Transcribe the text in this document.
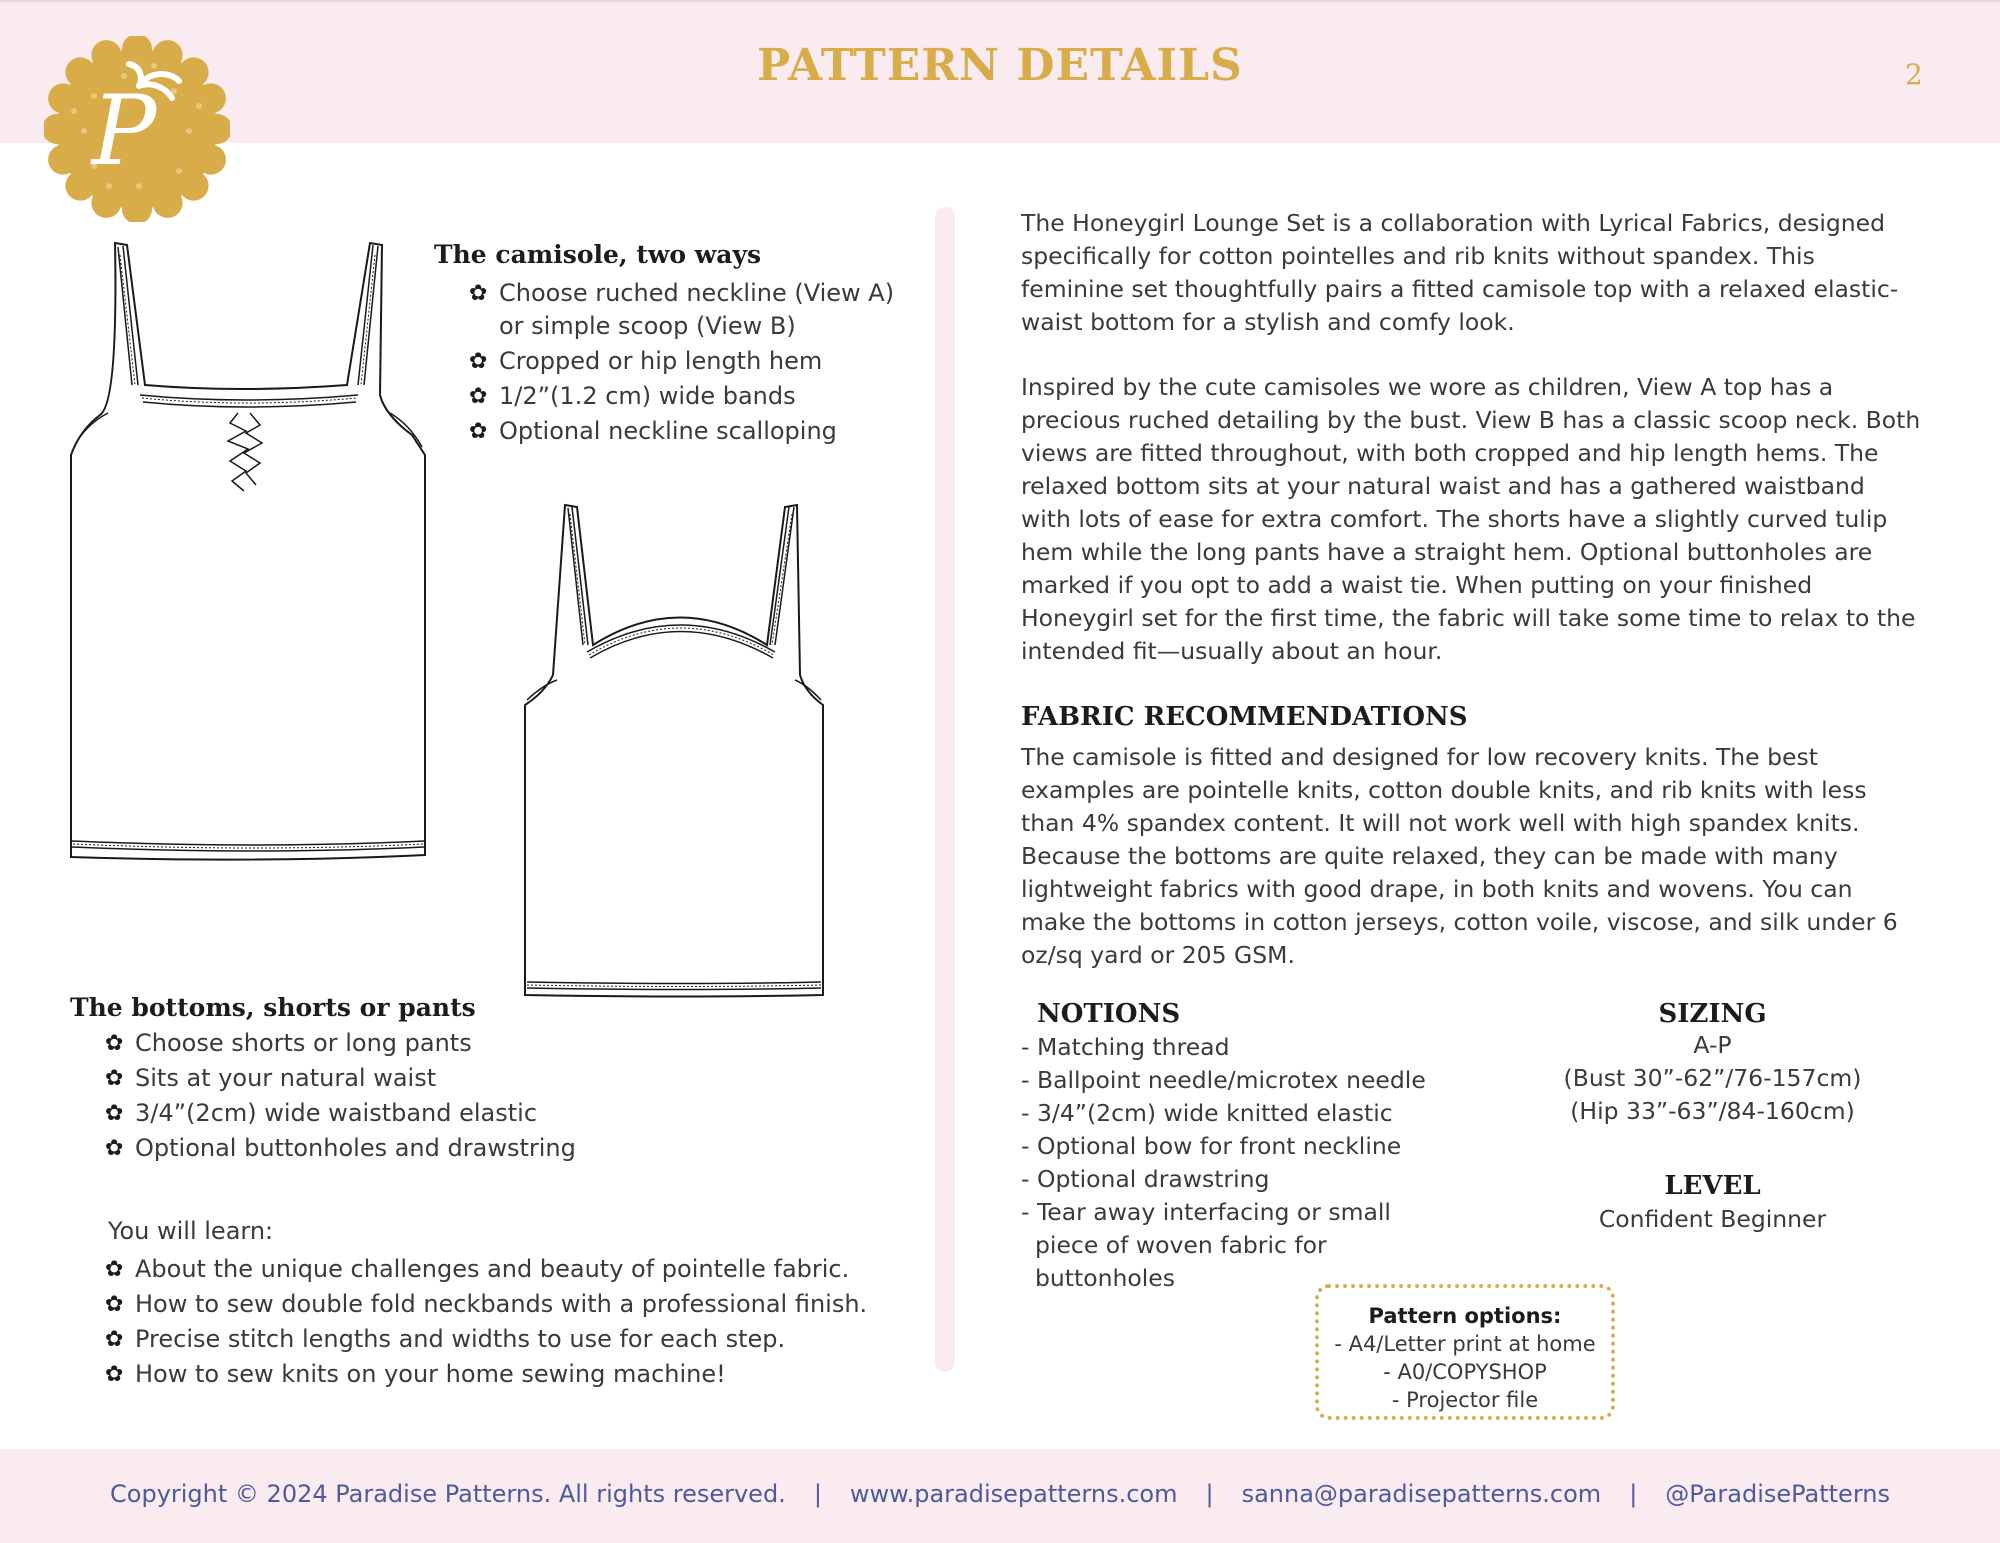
PATTERN DETAILS	2
P
The camisole, two ways
✿ Choose ruched neckline (View A)
or simple scoop (View B)
✿ Cropped or hip length hem
✿ 1/2”(1.2 cm) wide bands
✿ Optional neckline scalloping
The bottoms, shorts or pants
✿ Choose shorts or long pants
✿ Sits at your natural waist
✿ 3/4”(2cm) wide waistband elastic
✿ Optional buttonholes and drawstring
You will learn:
✿ About the unique challenges and beauty of pointelle fabric.
✿ How to sew double fold neckbands with a professional finish.
✿ Precise stitch lengths and widths to use for each step.
✿ How to sew knits on your home sewing machine!

The Honeygirl Lounge Set is a collaboration with Lyrical Fabrics, designed specifically for cotton pointelles and rib knits without spandex. This feminine set thoughtfully pairs a fitted camisole top with a relaxed elastic-waist bottom for a stylish and comfy look.

Inspired by the cute camisoles we wore as children, View A top has a precious ruched detailing by the bust. View B has a classic scoop neck. Both views are fitted throughout, with both cropped and hip length hems. The relaxed bottom sits at your natural waist and has a gathered waistband with lots of ease for extra comfort. The shorts have a slightly curved tulip hem while the long pants have a straight hem. Optional buttonholes are marked if you opt to add a waist tie. When putting on your finished Honeygirl set for the first time, the fabric will take some time to relax to the intended fit—usually about an hour.

FABRIC RECOMMENDATIONS

The camisole is fitted and designed for low recovery knits. The best examples are pointelle knits, cotton double knits, and rib knits with less than 4% spandex content. It will not work well with high spandex knits. Because the bottoms are quite relaxed, they can be made with many lightweight fabrics with good drape, in both knits and wovens. You can make the bottoms in cotton jerseys, cotton voile, viscose, and silk under 6 oz/sq yard or 205 GSM.

NOTIONS
- Matching thread
- Ballpoint needle/microtex needle
- 3/4”(2cm) wide knitted elastic
- Optional bow for front neckline
- Optional drawstring
- Tear away interfacing or small
piece of woven fabric for
buttonholes
SIZING
A-P
(Bust 30”-62”/76-157cm)
(Hip 33”-63”/84-160cm)
LEVEL
Confident Beginner
Pattern options:
- A4/Letter print at home
- A0/COPYSHOP
- Projector file
Copyright © 2024 Paradise Patterns. All rights reserved. | www.paradisepatterns.com | sanna@paradisepatterns.com | @ParadisePatterns
